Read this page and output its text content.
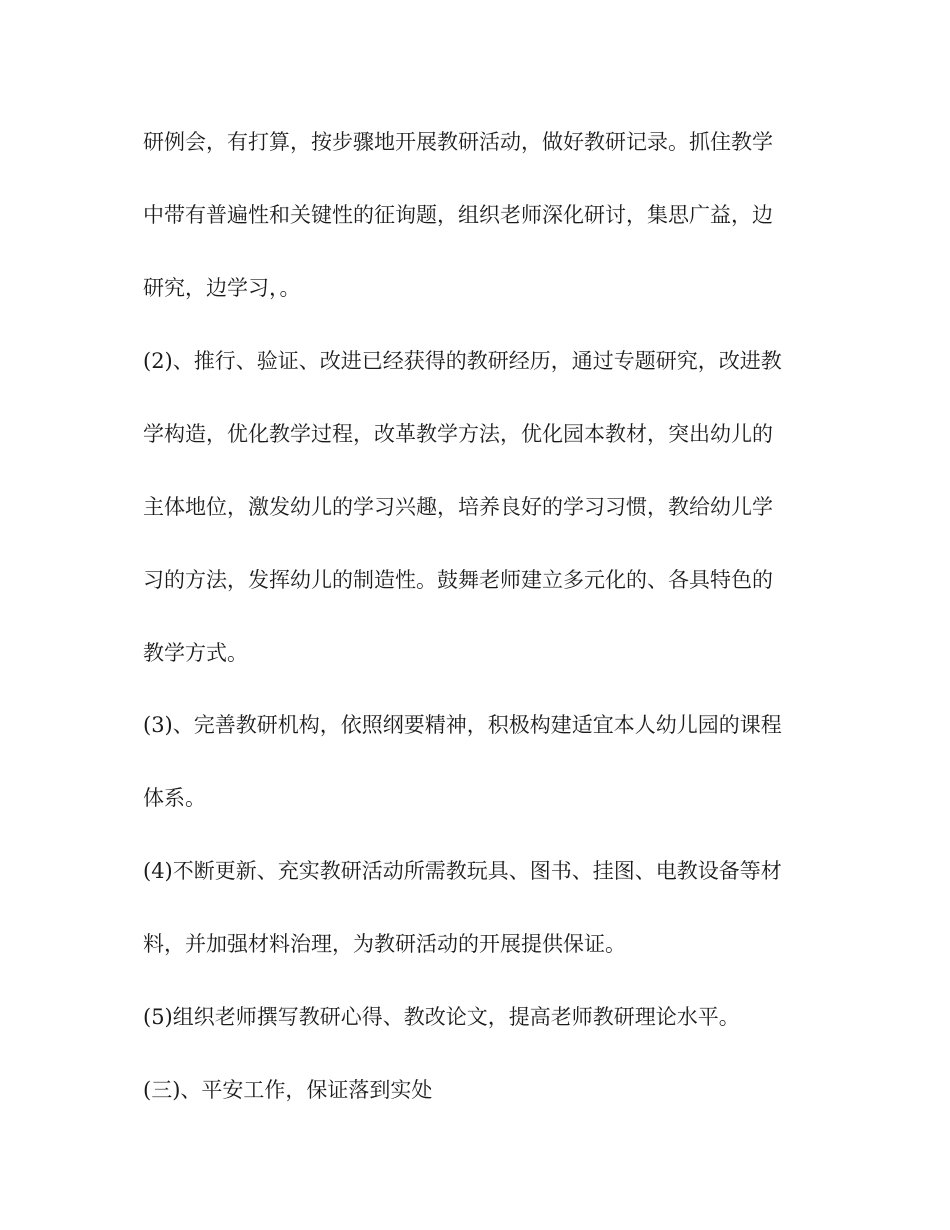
研例会，有打算，按步骤地开展教研活动，做好教研记录。抓住教学
中带有普遍性和关键性的征询题，组织老师深化研讨，集思广益，边
研究，边学习，。
(2)、推行、验证、改进已经获得的教研经历，通过专题研究，改进教
学构造，优化教学过程，改革教学方法，优化园本教材，突出幼儿的
主体地位，激发幼儿的学习兴趣，培养良好的学习习惯，教给幼儿学
习的方法，发挥幼儿的制造性。鼓舞老师建立多元化的、各具特色的
教学方式。
(3)、完善教研机构，依照纲要精神，积极构建适宜本人幼儿园的课程
体系。
(4)不断更新、充实教研活动所需教玩具、图书、挂图、电教设备等材
料，并加强材料治理，为教研活动的开展提供保证。
(5)组织老师撰写教研心得、教改论文，提高老师教研理论水平。
(三)、平安工作，保证落到实处
